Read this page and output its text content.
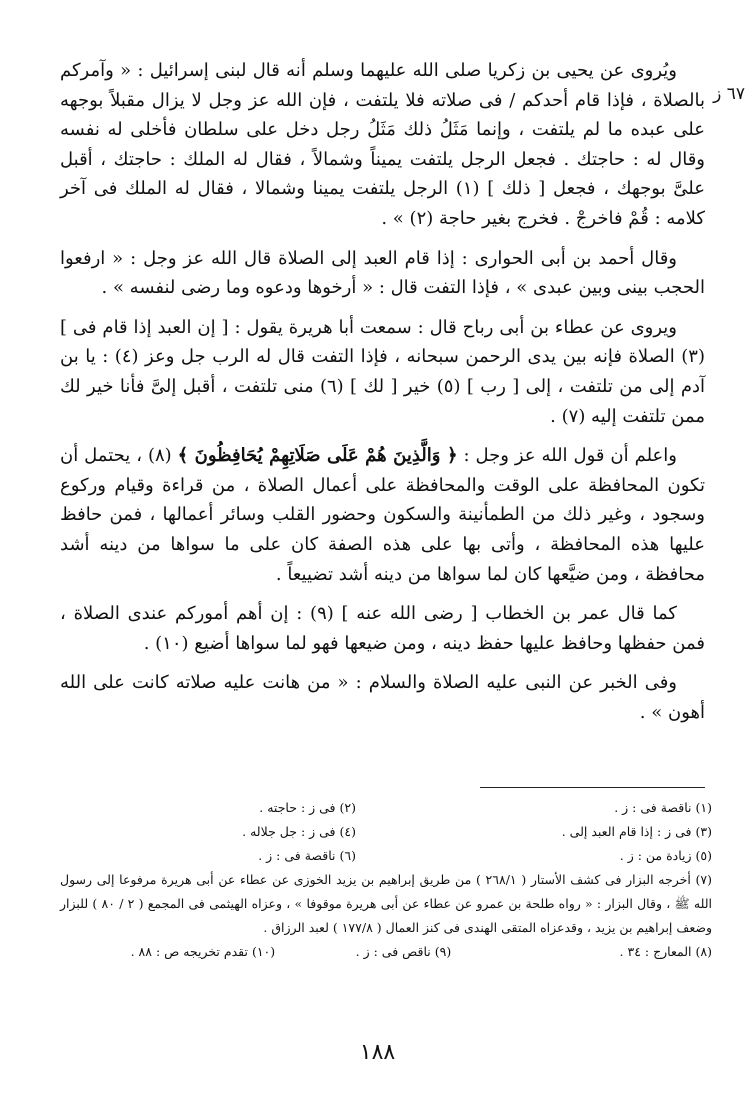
٦٧ ز

ويُروى عن يحيى بن زكريا صلى الله عليهما وسلم أنه قال لبنى إسرائيل : « وآمركم بالصلاة ، فإذا قام أحدكم / فى صلاته فلا يلتفت ، فإن الله عز وجل لا يزال مقبلاً بوجهه على عبده ما لم يلتفت ، وإنما مَثَلُ ذلك مَثَلُ رجل دخل على سلطان فأخلى له نفسه وقال له : حاجتك . فجعل الرجل يلتفت يميناً وشمالاً ، فقال له الملك : حاجتك ، أقبل علىَّ بوجهك ، فجعل [ ذلك ] (١) الرجل يلتفت يمينا وشمالا ، فقال له الملك فى آخر كلامه : قُمْ فاخرجْ . فخرج بغير حاجة (٢) » .

وقال أحمد بن أبى الحوارى : إذا قام العبد إلى الصلاة قال الله عز وجل : « ارفعوا الحجب بينى وبين عبدى » ، فإذا التفت قال : « أرخوها ودعوه وما رضى لنفسه » .

ويروى عن عطاء بن أبى رباح قال : سمعت أبا هريرة يقول : [ إن العبد إذا قام فى ] (٣) الصلاة فإنه بين يدى الرحمن سبحانه ، فإذا التفت قال له الرب جل وعز (٤) : يا بن آدم إلى من تلتفت ، إلى [ رب ] (٥) خير [ لك ] (٦) منى تلتفت ، أقبل إلىَّ فأنا خير لك ممن تلتفت إليه (٧) .

واعلم أن قول الله عز وجل : ﴿ وَالَّذِينَ هُمْ عَلَى صَلَاتِهِمْ يُحَافِظُونَ ﴾ (٨) ، يحتمل أن تكون المحافظة على الوقت والمحافظة على أعمال الصلاة ، من قراءة وقيام وركوع وسجود ، وغير ذلك من الطمأنينة والسكون وحضور القلب وسائر أعمالها ، فمن حافظ عليها هذه المحافظة ، وأتى بها على هذه الصفة كان على ما سواها من دينه أشد محافظة ، ومن ضيَّعها كان لما سواها من دينه أشد تضييعاً .

كما قال عمر بن الخطاب [ رضى الله عنه ] (٩) : إن أهم أموركم عندى الصلاة ، فمن حفظها وحافظ عليها حفظ دينه ، ومن ضيعها فهو لما سواها أضيع (١٠) .

وفى الخبر عن النبى عليه الصلاة والسلام : « من هانت عليه صلاته كانت على الله أهون » .

(١) ناقصة فى : ز .
(٢) فى ز : حاجته .
(٣) فى ز : إذا قام العبد إلى .
(٤) فى ز : جل جلاله .
(٥) زيادة من : ز .
(٦) ناقصة فى : ز .
(٧) أخرجه البزار فى كشف الأستار ( ٢٦٨/١ ) من طريق إبراهيم بن يزيد الخوزى عن عطاء عن أبى هريرة مرفوعا إلى رسول الله ﷺ ، وقال البزار : « رواه طلحة بن عمرو عن عطاء عن أبى هريرة موقوفا » ، وعزاه الهيثمى فى المجمع ( ٢ / ٨٠ ) للبزار وضعف إبراهيم بن يزيد ، وقدعزاه المتقى الهندى فى كنز العمال ( ١٧٧/٨ ) لعبد الرزاق .
(٨) المعارج : ٣٤ .
(٩) ناقص فى : ز .
(١٠) تقدم تخريجه ص : ٨٨ .
١٨٨
